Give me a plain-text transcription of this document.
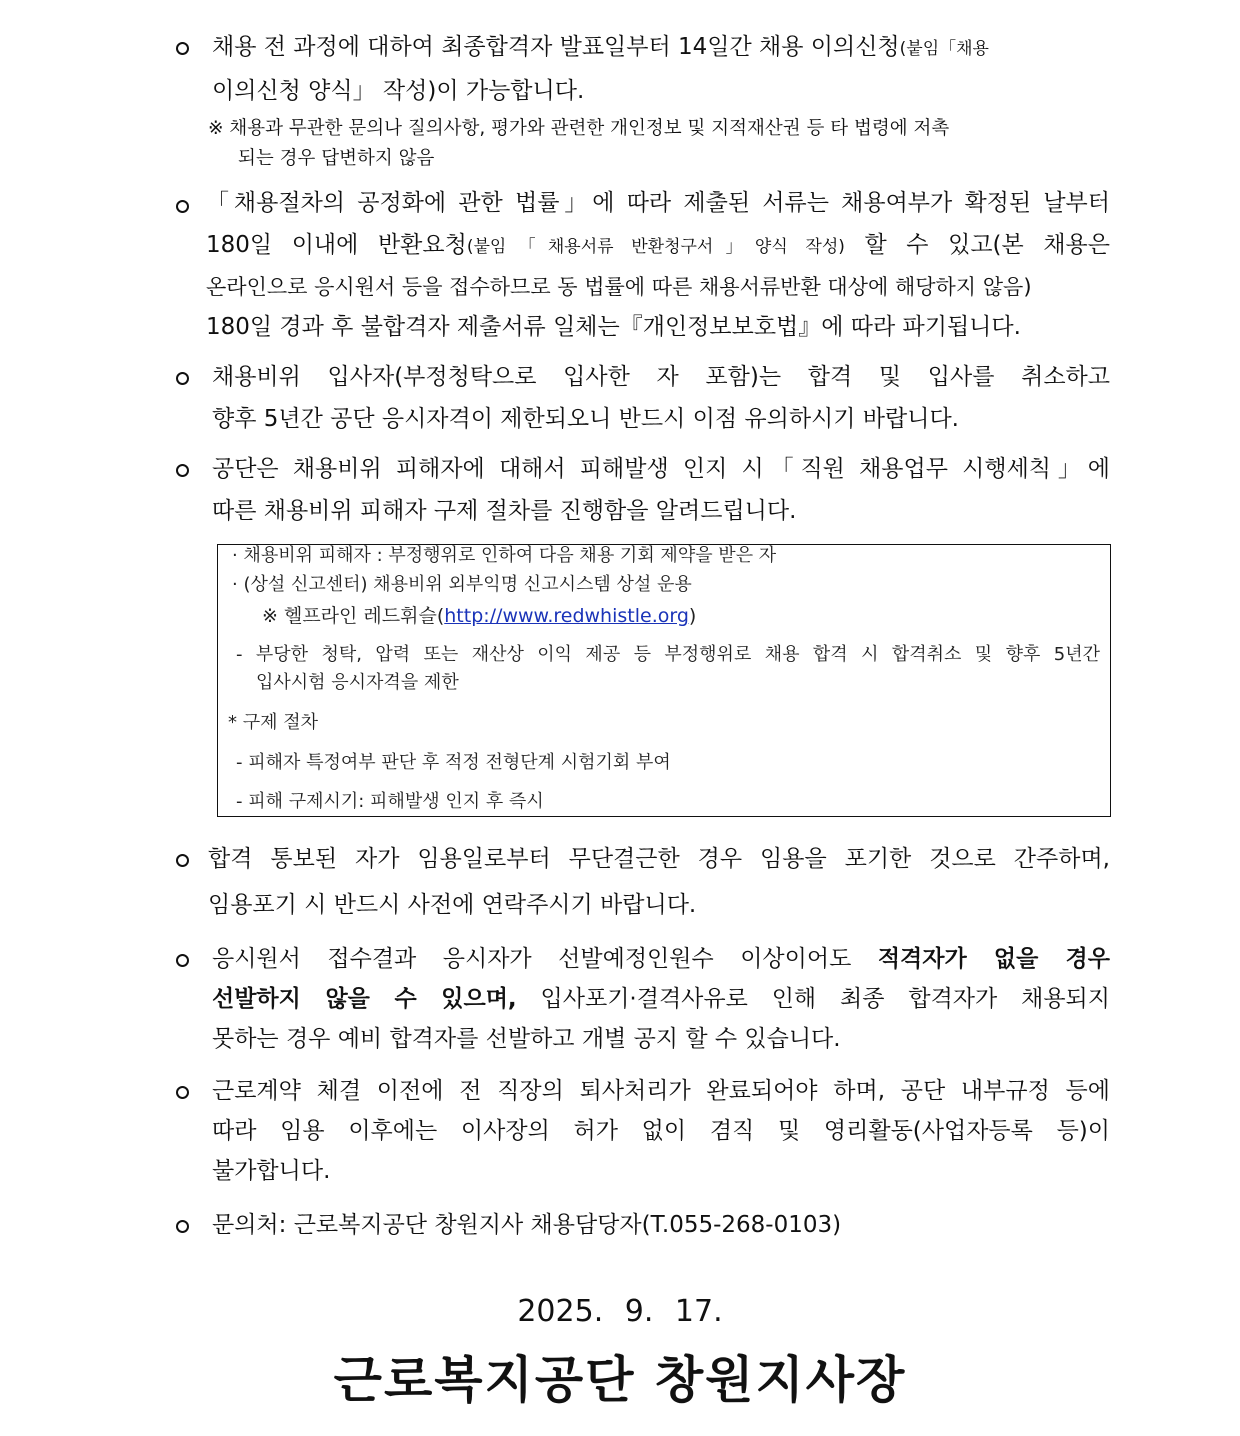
채용 전 과정에 대하여 최종합격자 발표일부터 14일간 채용 이의신청(붙임「채용
이의신청 양식」 작성)이 가능합니다.
※ 채용과 무관한 문의나 질의사항, 평가와 관련한 개인정보 및 지적재산권 등 타 법령에 저촉
되는 경우 답변하지 않음
「채용절차의 공정화에 관한 법률」에 따라 제출된 서류는 채용여부가 확정된 날부터
180일 이내에 반환요청(붙임「채용서류 반환청구서」양식 작성) 할 수 있고(본 채용은
온라인으로 응시원서 등을 접수하므로 동 법률에 따른 채용서류반환 대상에 해당하지 않음)
180일 경과 후 불합격자 제출서류 일체는『개인정보보호법』에 따라 파기됩니다.
채용비위 입사자(부정청탁으로 입사한 자 포함)는 합격 및 입사를 취소하고
향후 5년간 공단 응시자격이 제한되오니 반드시 이점 유의하시기 바랍니다.
공단은 채용비위 피해자에 대해서 피해발생 인지 시「직원 채용업무 시행세칙」에
따른 채용비위 피해자 구제 절차를 진행함을 알려드립니다.
· 채용비위 피해자 : 부정행위로 인하여 다음 채용 기회 제약을 받은 자
· (상설 신고센터) 채용비위 외부익명 신고시스템 상설 운용
※ 헬프라인 레드휘슬(http://www.redwhistle.org)
- 부당한 청탁, 압력 또는 재산상 이익 제공 등 부정행위로 채용 합격 시 합격취소 및 향후 5년간
입사시험 응시자격을 제한
* 구제 절차
- 피해자 특정여부 판단 후 적정 전형단계 시험기회 부여
- 피해 구제시기: 피해발생 인지 후 즉시
합격 통보된 자가 임용일로부터 무단결근한 경우 임용을 포기한 것으로 간주하며,
임용포기 시 반드시 사전에 연락주시기 바랍니다.
응시원서 접수결과 응시자가 선발예정인원수 이상이어도 적격자가 없을 경우
선발하지 않을 수 있으며, 입사포기·결격사유로 인해 최종 합격자가 채용되지
못하는 경우 예비 합격자를 선발하고 개별 공지 할 수 있습니다.
근로계약 체결 이전에 전 직장의 퇴사처리가 완료되어야 하며, 공단 내부규정 등에
따라 임용 이후에는 이사장의 허가 없이 겸직 및 영리활동(사업자등록 등)이
불가합니다.
문의처: 근로복지공단 창원지사 채용담당자(T.055-268-0103)
2025. 9. 17.
근로복지공단 창원지사장
